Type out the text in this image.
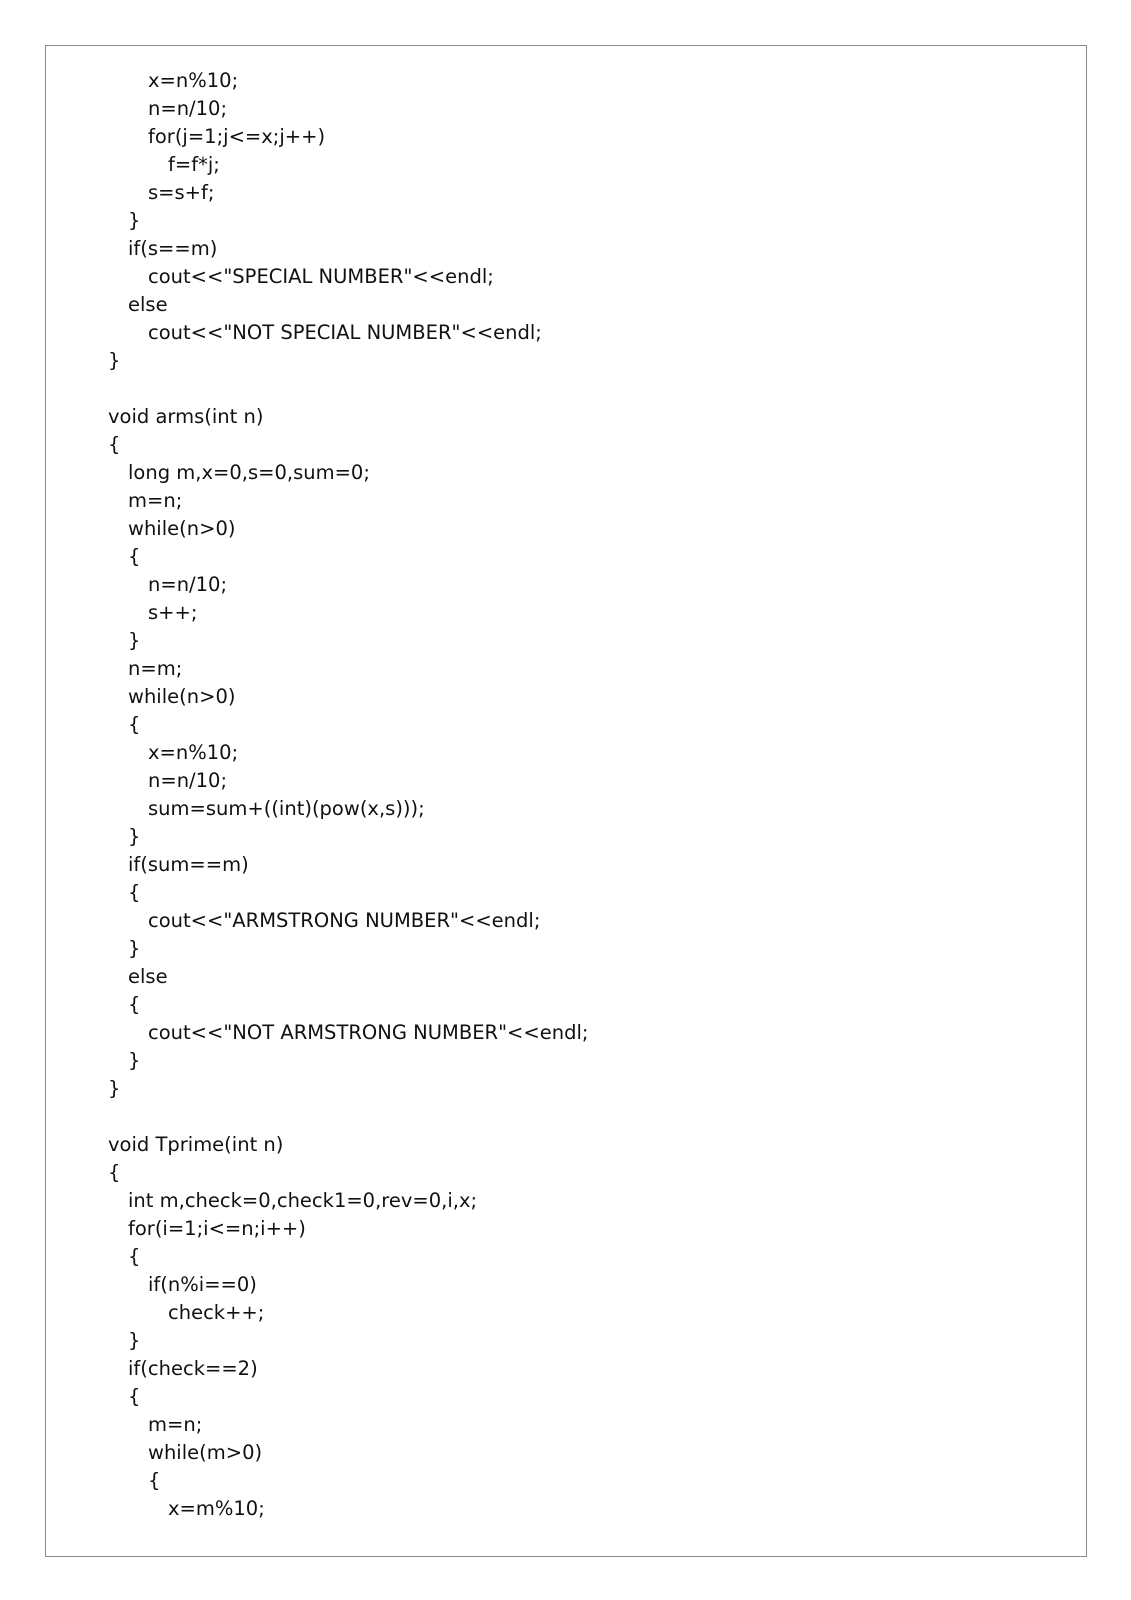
x=n%10;
n=n/10;
for(j=1;j<=x;j++)
f=f*j;
s=s+f;
}
if(s==m)
cout<<"SPECIAL NUMBER"<<endl;
else
cout<<"NOT SPECIAL NUMBER"<<endl;
}
void arms(int n)
{
long m,x=0,s=0,sum=0;
m=n;
while(n>0)
{
n=n/10;
s++;
}
n=m;
while(n>0)
{
x=n%10;
n=n/10;
sum=sum+((int)(pow(x,s)));
}
if(sum==m)
{
cout<<"ARMSTRONG NUMBER"<<endl;
}
else
{
cout<<"NOT ARMSTRONG NUMBER"<<endl;
}
}
void Tprime(int n)
{
int m,check=0,check1=0,rev=0,i,x;
for(i=1;i<=n;i++)
{
if(n%i==0)
check++;
}
if(check==2)
{
m=n;
while(m>0)
{
x=m%10;
